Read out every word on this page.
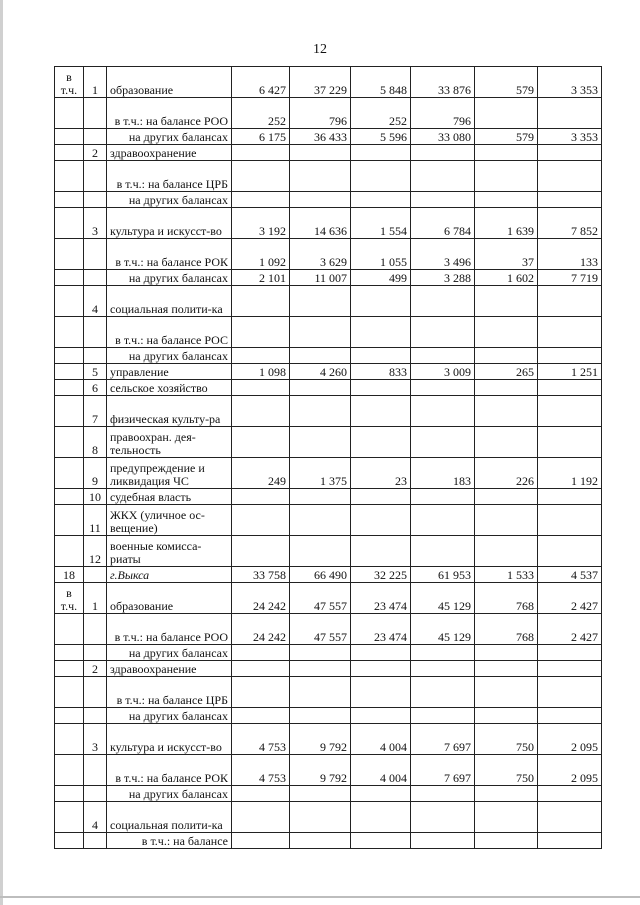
12
в т.ч.	1	образование	6 427	37 229	5 848	33 876	579	3 353
		в т.ч.: на балансе РОО	252	796	252	796		
		на других балансах	6 175	36 433	5 596	33 080	579	3 353
	2	здравоохранение						
		в т.ч.: на балансе ЦРБ						
		на других балансах						
	3	культура и искусст-во	3 192	14 636	1 554	6 784	1 639	7 852
		в т.ч.: на балансе РОК	1 092	3 629	1 055	3 496	37	133
		на других балансах	2 101	11 007	499	3 288	1 602	7 719
	4	социальная полити-ка						
		в т.ч.: на балансе РОС						
		на других балансах						
	5	управление	1 098	4 260	833	3 009	265	1 251
	6	сельское хозяйство						
	7	физическая культу-ра						
	8	правоохран. дея-тельность						
	9	предупреждение и ликвидация ЧС	249	1 375	23	183	226	1 192
	10	судебная власть						
	11	ЖКХ (уличное ос-вещение)						
	12	военные комисса-риаты						
18		г.Выкса	33 758	66 490	32 225	61 953	1 533	4 537
в т.ч.	1	образование	24 242	47 557	23 474	45 129	768	2 427
		в т.ч.: на балансе РОО	24 242	47 557	23 474	45 129	768	2 427
		на других балансах						
	2	здравоохранение						
		в т.ч.: на балансе ЦРБ						
		на других балансах						
	3	культура и искусст-во	4 753	9 792	4 004	7 697	750	2 095
		в т.ч.: на балансе РОК	4 753	9 792	4 004	7 697	750	2 095
		на других балансах						
	4	социальная полити-ка						
		в т.ч.: на балансе						
